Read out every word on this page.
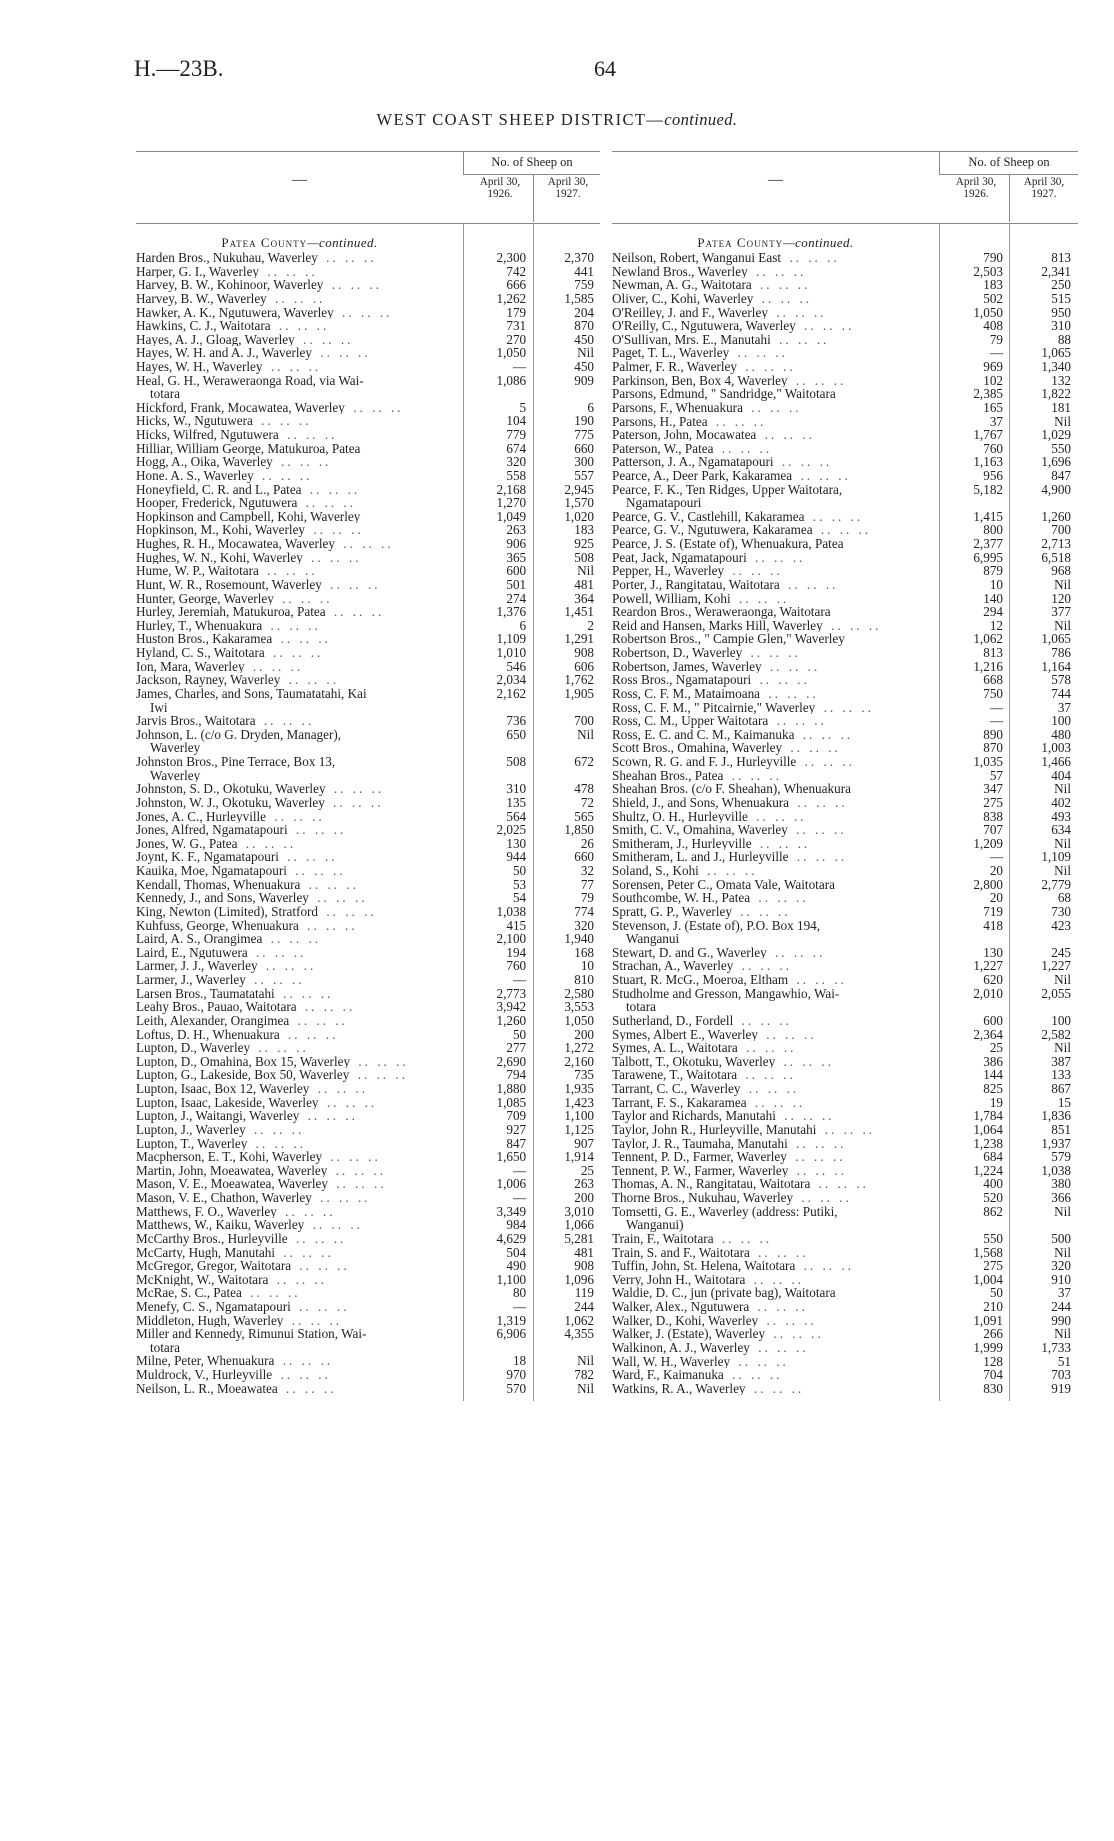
H.—23B.	64
WEST COAST SHEEP DISTRICT—continued.
—
No. of Sheep on
April 30,
1926.
April 30,
1927.
Patea County—continued.
Harden Bros., Nukuhau, Waverley .. .. ..	2,300	2,370
Harper, G. I., Waverley .. .. ..	742	441
Harvey, B. W., Kohinoor, Waverley .. .. ..	666	759
Harvey, B. W., Waverley .. .. ..	1,262	1,585
Hawker, A. K., Ngutuwera, Waverley .. .. ..	179	204
Hawkins, C. J., Waitotara .. .. ..	731	870
Hayes, A. J., Gloag, Waverley .. .. ..	270	450
Hayes, W. H. and A. J., Waverley .. .. ..	1,050	Nil
Hayes, W. H., Waverley .. .. ..	—	450
Heal, G. H., Weraweraonga Road, via Wai-
totara
1,086	909
Hickford, Frank, Mocawatea, Waverley .. .. ..	5	6
Hicks, W., Ngutuwera .. .. ..	104	190
Hicks, Wilfred, Ngutuwera .. .. ..	779	775
Hilliar, William George, Matukuroa, Patea	674	660
Hogg, A., Oika, Waverley .. .. ..	320	300
Hone. A. S., Waverley .. .. ..	558	557
Honeyfield, C. R. and L., Patea .. .. ..	2,168	2,945
Hooper, Frederick, Ngutuwera .. .. ..	1,270	1,570
Hopkinson and Campbell, Kohi, Waverley	1,049	1,020
Hopkinson, M., Kohi, Waverley .. .. ..	263	183
Hughes, R. H., Mocawatea, Waverley .. .. ..	906	925
Hughes, W. N., Kohi, Waverley .. .. ..	365	508
Hume, W. P., Waitotara .. .. ..	600	Nil
Hunt, W. R., Rosemount, Waverley .. .. ..	501	481
Hunter, George, Waverley .. .. ..	274	364
Hurley, Jeremiah, Matukuroa, Patea .. .. ..	1,376	1,451
Hurley, T., Whenuakura .. .. ..	6	2
Huston Bros., Kakaramea .. .. ..	1,109	1,291
Hyland, C. S., Waitotara .. .. ..	1,010	908
Ion, Mara, Waverley .. .. ..	546	606
Jackson, Rayney, Waverley .. .. ..	2,034	1,762
James, Charles, and Sons, Taumatatahi, Kai
Iwi
2,162	1,905
Jarvis Bros., Waitotara .. .. ..	736	700
Johnson, L. (c/o G. Dryden, Manager),
Waverley
650	Nil
Johnston Bros., Pine Terrace, Box 13,
Waverley
508	672
Johnston, S. D., Okotuku, Waverley .. .. ..	310	478
Johnston, W. J., Okotuku, Waverley .. .. ..	135	72
Jones, A. C., Hurleyville .. .. ..	564	565
Jones, Alfred, Ngamatapouri .. .. ..	2,025	1,850
Jones, W. G., Patea .. .. ..	130	26
Joynt, K. F., Ngamatapouri .. .. ..	944	660
Kauika, Moe, Ngamatapouri .. .. ..	50	32
Kendall, Thomas, Whenuakura .. .. ..	53	77
Kennedy, J., and Sons, Waverley .. .. ..	54	79
King, Newton (Limited), Stratford .. .. ..	1,038	774
Kuhfuss, George, Whenuakura .. .. ..	415	320
Laird, A. S., Orangimea .. .. ..	2,100	1,940
Laird, E., Ngutuwera .. .. ..	194	168
Larmer, J. J., Waverley .. .. ..	760	10
Larmer, J., Waverley .. .. ..	—	810
Larsen Bros., Taumatatahi .. .. ..	2,773	2,580
Leahy Bros., Pauao, Waitotara .. .. ..	3,942	3,553
Leith, Alexander, Orangimea .. .. ..	1,260	1,050
Loftus, D. H., Whenuakura .. .. ..	50	200
Lupton, D., Waverley .. .. ..	277	1,272
Lupton, D., Omahina, Box 15, Waverley .. .. ..	2,690	2,160
Lupton, G., Lakeside, Box 50, Waverley .. .. ..	794	735
Lupton, Isaac, Box 12, Waverley .. .. ..	1,880	1,935
Lupton, Isaac, Lakeside, Waverley .. .. ..	1,085	1,423
Lupton, J., Waitangi, Waverley .. .. ..	709	1,100
Lupton, J., Waverley .. .. ..	927	1,125
Lupton, T., Waverley .. .. ..	847	907
Macpherson, E. T., Kohi, Waverley .. .. ..	1,650	1,914
Martin, John, Moeawatea, Waverley .. .. ..	—	25
Mason, V. E., Moeawatea, Waverley .. .. ..	1,006	263
Mason, V. E., Chathon, Waverley .. .. ..	—	200
Matthews, F. O., Waverley .. .. ..	3,349	3,010
Matthews, W., Kaiku, Waverley .. .. ..	984	1,066
McCarthy Bros., Hurleyville .. .. ..	4,629	5,281
McCarty, Hugh, Manutahi .. .. ..	504	481
McGregor, Gregor, Waitotara .. .. ..	490	908
McKnight, W., Waitotara .. .. ..	1,100	1,096
McRae, S. C., Patea .. .. ..	80	119
Menefy, C. S., Ngamatapouri .. .. ..	—	244
Middleton, Hugh, Waverley .. .. ..	1,319	1,062
Miller and Kennedy, Rimunui Station, Wai-
totara
6,906	4,355
Milne, Peter, Whenuakura .. .. ..	18	Nil
Muldrock, V., Hurleyville .. .. ..	970	782
Neilson, L. R., Moeawatea .. .. ..	570	Nil
—
No. of Sheep on
April 30,
1926.
April 30,
1927.
Patea County—continued.
Neilson, Robert, Wanganui East .. .. ..	790	813
Newland Bros., Waverley .. .. ..	2,503	2,341
Newman, A. G., Waitotara .. .. ..	183	250
Oliver, C., Kohi, Waverley .. .. ..	502	515
O'Reilley, J. and F., Waverley .. .. ..	1,050	950
O'Reilly, C., Ngutuwera, Waverley .. .. ..	408	310
O'Sullivan, Mrs. E., Manutahi .. .. ..	79	88
Paget, T. L., Waverley .. .. ..	—	1,065
Palmer, F. R., Waverley .. .. ..	969	1,340
Parkinson, Ben, Box 4, Waverley .. .. ..	102	132
Parsons, Edmund, " Sandridge," Waitotara	2,385	1,822
Parsons, F., Whenuakura .. .. ..	165	181
Parsons, H., Patea .. .. ..	37	Nil
Paterson, John, Mocawatea .. .. ..	1,767	1,029
Paterson, W., Patea .. .. ..	760	550
Patterson, J. A., Ngamatapouri .. .. ..	1,163	1,696
Pearce, A., Deer Park, Kakaramea .. .. ..	956	847
Pearce, F. K., Ten Ridges, Upper Waitotara,
Ngamatapouri
5,182	4,900
Pearce, G. V., Castlehill, Kakaramea .. .. ..	1,415	1,260
Pearce, G. V., Ngutuwera, Kakaramea .. .. ..	800	700
Pearce, J. S. (Estate of), Whenuakura, Patea	2,377	2,713
Peat, Jack, Ngamatapouri .. .. ..	6,995	6,518
Pepper, H., Waverley .. .. ..	879	968
Porter, J., Rangitatau, Waitotara .. .. ..	10	Nil
Powell, William, Kohi .. .. ..	140	120
Reardon Bros., Weraweraonga, Waitotara	294	377
Reid and Hansen, Marks Hill, Waverley .. .. ..	12	Nil
Robertson Bros., " Campie Glen," Waverley	1,062	1,065
Robertson, D., Waverley .. .. ..	813	786
Robertson, James, Waverley .. .. ..	1,216	1,164
Ross Bros., Ngamatapouri .. .. ..	668	578
Ross, C. F. M., Mataimoana .. .. ..	750	744
Ross, C. F. M., " Pitcairnie," Waverley .. .. ..	—	37
Ross, C. M., Upper Waitotara .. .. ..	—	100
Ross, E. C. and C. M., Kaimanuka .. .. ..	890	480
Scott Bros., Omahina, Waverley .. .. ..	870	1,003
Scown, R. G. and F. J., Hurleyville .. .. ..	1,035	1,466
Sheahan Bros., Patea .. .. ..	57	404
Sheahan Bros. (c/o F. Sheahan), Whenuakura	347	Nil
Shield, J., and Sons, Whenuakura .. .. ..	275	402
Shultz, O. H., Hurleyville .. .. ..	838	493
Smith, C. V., Omahina, Waverley .. .. ..	707	634
Smitheram, J., Hurleyville .. .. ..	1,209	Nil
Smitheram, L. and J., Hurleyville .. .. ..	—	1,109
Soland, S., Kohi .. .. ..	20	Nil
Sorensen, Peter C., Omata Vale, Waitotara	2,800	2,779
Southcombe, W. H., Patea .. .. ..	20	68
Spratt, G. P., Waverley .. .. ..	719	730
Stevenson, J. (Estate of), P.O. Box 194,
Wanganui
418	423
Stewart, D. and G., Waverley .. .. ..	130	245
Strachan, A., Waverley .. .. ..	1,227	1,227
Stuart, R. McG., Moeroa, Eltham .. .. ..	620	Nil
Studholme and Gresson, Mangawhio, Wai-
totara
2,010	2,055
Sutherland, D., Fordell .. .. ..	600	100
Symes, Albert E., Waverley .. .. ..	2,364	2,582
Symes, A. L., Waitotara .. .. ..	25	Nil
Talbott, T., Okotuku, Waverley .. .. ..	386	387
Tarawene, T., Waitotara .. .. ..	144	133
Tarrant, C. C., Waverley .. .. ..	825	867
Tarrant, F. S., Kakaramea .. .. ..	19	15
Taylor and Richards, Manutahi .. .. ..	1,784	1,836
Taylor, John R., Hurleyville, Manutahi .. .. ..	1,064	851
Taylor, J. R., Taumaha, Manutahi .. .. ..	1,238	1,937
Tennent, P. D., Farmer, Waverley .. .. ..	684	579
Tennent, P. W., Farmer, Waverley .. .. ..	1,224	1,038
Thomas, A. N., Rangitatau, Waitotara .. .. ..	400	380
Thorne Bros., Nukuhau, Waverley .. .. ..	520	366
Tomsetti, G. E., Waverley (address: Putiki,
Wanganui)
862	Nil
Train, F., Waitotara .. .. ..	550	500
Train, S. and F., Waitotara .. .. ..	1,568	Nil
Tuffin, John, St. Helena, Waitotara .. .. ..	275	320
Verry, John H., Waitotara .. .. ..	1,004	910
Waldie, D. C., jun (private bag), Waitotara	50	37
Walker, Alex., Ngutuwera .. .. ..	210	244
Walker, D., Kohi, Waverley .. .. ..	1,091	990
Walker, J. (Estate), Waverley .. .. ..	266	Nil
Walkinon, A. J., Waverley .. .. ..	1,999	1,733
Wall, W. H., Waverley .. .. ..	128	51
Ward, F., Kaimanuka .. .. ..	704	703
Watkins, R. A., Waverley .. .. ..	830	919
